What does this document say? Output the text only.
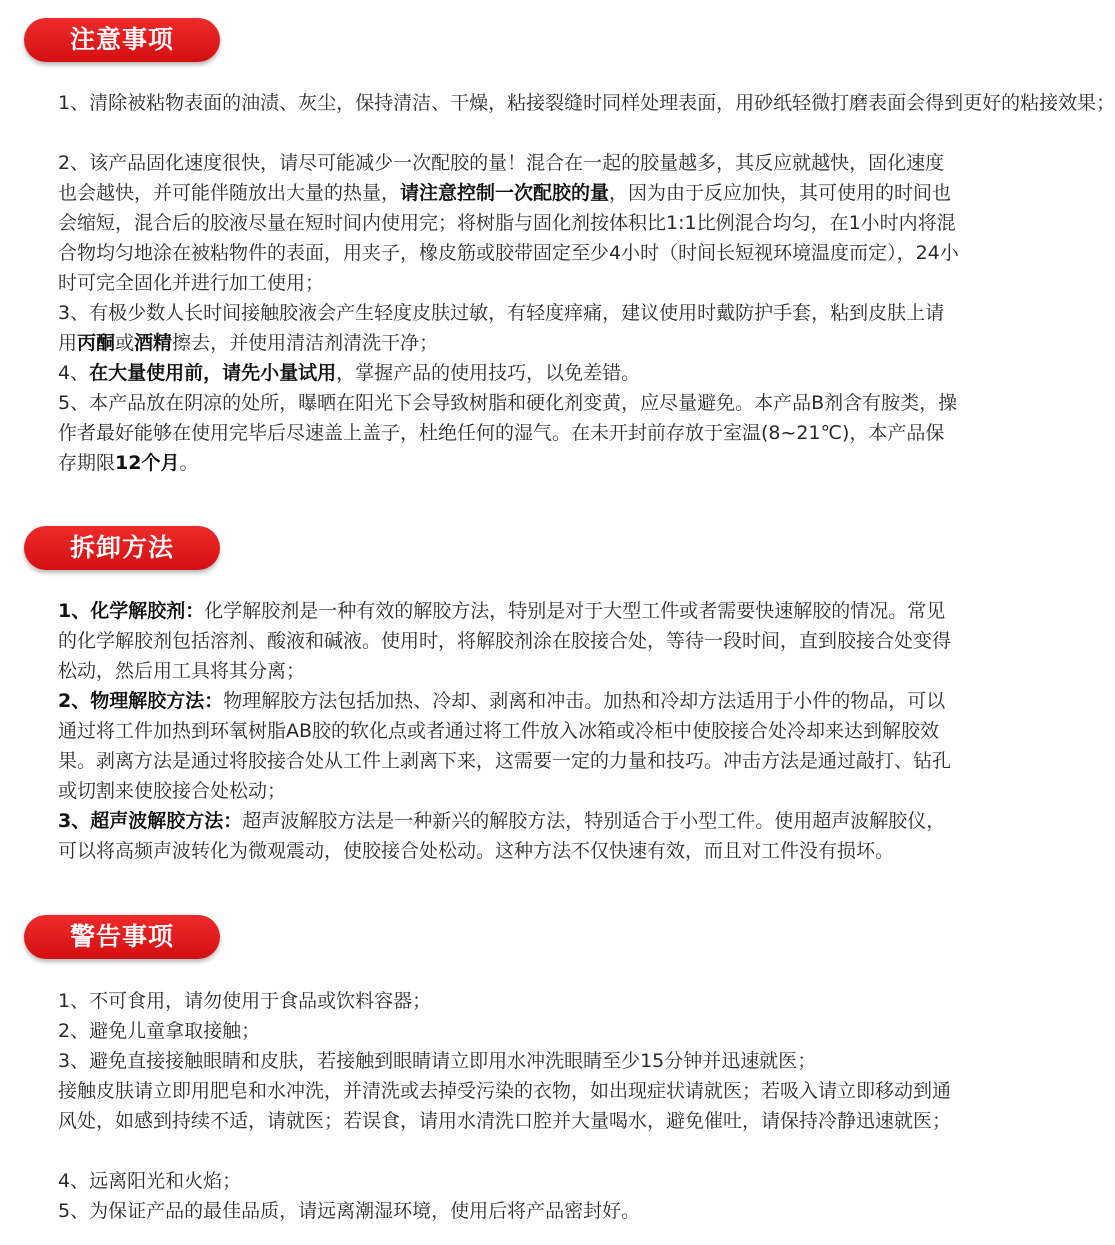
注意事项
1、清除被粘物表面的油渍、灰尘，保持清洁、干燥，粘接裂缝时同样处理表面，用砂纸轻微打磨表面会得到更好的粘接效果；
2、该产品固化速度很快，请尽可能减少一次配胶的量！混合在一起的胶量越多，其反应就越快，固化速度也会越快，并可能伴随放出大量的热量，请注意控制一次配胶的量，因为由于反应加快，其可使用的时间也会缩短，混合后的胶液尽量在短时间内使用完；将树脂与固化剂按体积比1:1比例混合均匀，在1小时内将混合物均匀地涂在被粘物件的表面，用夹子，橡皮筋或胶带固定至少4小时（时间长短视环境温度而定），24小时可完全固化并进行加工使用；
3、有极少数人长时间接触胶液会产生轻度皮肤过敏，有轻度痒痛，建议使用时戴防护手套，粘到皮肤上请用丙酮或酒精擦去，并使用清洁剂清洗干净；
4、在大量使用前，请先小量试用，掌握产品的使用技巧，以免差错。
5、本产品放在阴凉的处所，曝晒在阳光下会导致树脂和硬化剂变黄，应尽量避免。本产品B剂含有胺类，操作者最好能够在使用完毕后尽速盖上盖子，杜绝任何的湿气。在未开封前存放于室温(8~21℃)，本产品保存期限12个月。
拆卸方法
1、化学解胶剂：化学解胶剂是一种有效的解胶方法，特别是对于大型工件或者需要快速解胶的情况。常见的化学解胶剂包括溶剂、酸液和碱液。使用时，将解胶剂涂在胶接合处，等待一段时间，直到胶接合处变得松动，然后用工具将其分离；
2、物理解胶方法：物理解胶方法包括加热、冷却、剥离和冲击。加热和冷却方法适用于小件的物品，可以通过将工件加热到环氧树脂AB胶的软化点或者通过将工件放入冰箱或冷柜中使胶接合处冷却来达到解胶效果。剥离方法是通过将胶接合处从工件上剥离下来，这需要一定的力量和技巧。冲击方法是通过敲打、钻孔或切割来使胶接合处松动；
3、超声波解胶方法：超声波解胶方法是一种新兴的解胶方法，特别适合于小型工件。使用超声波解胶仪，可以将高频声波转化为微观震动，使胶接合处松动。这种方法不仅快速有效，而且对工件没有损坏。
警告事项
1、不可食用，请勿使用于食品或饮料容器；
2、避免儿童拿取接触；
3、避免直接接触眼睛和皮肤，若接触到眼睛请立即用水冲洗眼睛至少15分钟并迅速就医；
接触皮肤请立即用肥皂和水冲洗，并清洗或去掉受污染的衣物，如出现症状请就医；若吸入请立即移动到通风处，如感到持续不适，请就医；若误食，请用水清洗口腔并大量喝水，避免催吐，请保持冷静迅速就医；
4、远离阳光和火焰；
5、为保证产品的最佳品质，请远离潮湿环境，使用后将产品密封好。
